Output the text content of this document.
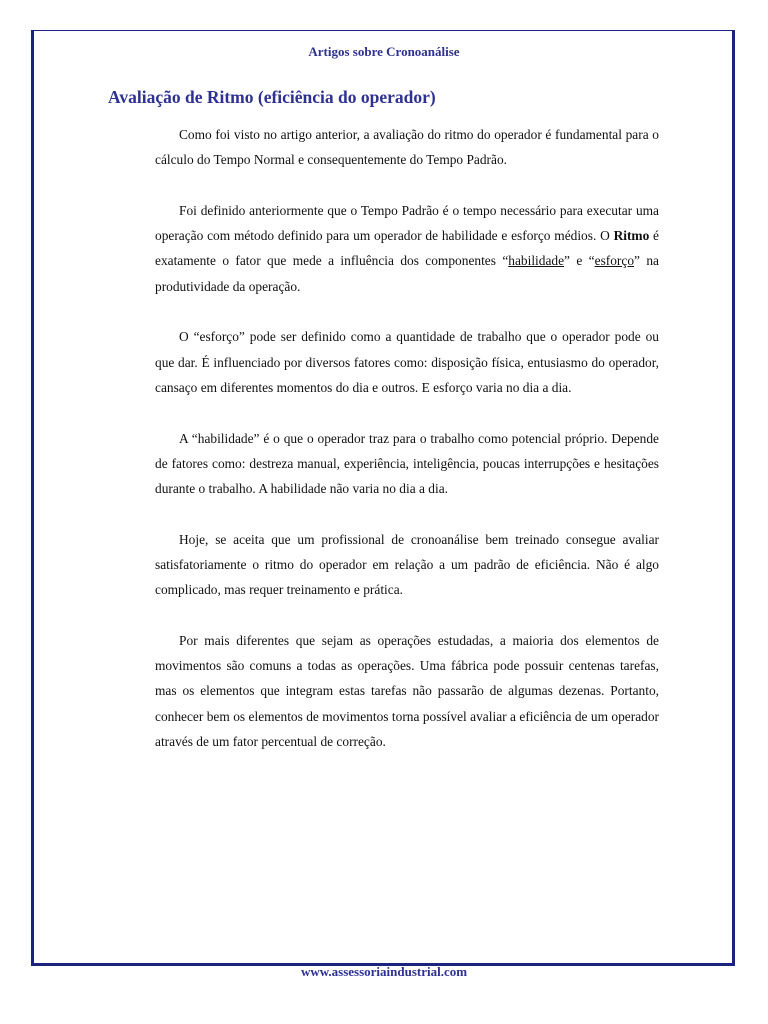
Artigos sobre Cronoanálise
Avaliação de Ritmo (eficiência do operador)

Como foi visto no artigo anterior, a avaliação do ritmo do operador é fundamental para o cálculo do Tempo Normal e consequentemente do Tempo Padrão.

Foi definido anteriormente que o Tempo Padrão é o tempo necessário para executar uma operação com método definido para um operador de habilidade e esforço médios. O Ritmo é exatamente o fator que mede a influência dos componentes “habilidade” e “esforço” na produtividade da operação.

O “esforço” pode ser definido como a quantidade de trabalho que o operador pode ou que dar. É influenciado por diversos fatores como: disposição física, entusiasmo do operador, cansaço em diferentes momentos do dia e outros. E esforço varia no dia a dia.

A “habilidade” é o que o operador traz para o trabalho como potencial próprio. Depende de fatores como: destreza manual, experiência, inteligência, poucas interrupções e hesitações durante o trabalho. A habilidade não varia no dia a dia.

Hoje, se aceita que um profissional de cronoanálise bem treinado consegue avaliar satisfatoriamente o ritmo do operador em relação a um padrão de eficiência. Não é algo complicado, mas requer treinamento e prática.

Por mais diferentes que sejam as operações estudadas, a maioria dos elementos de movimentos são comuns a todas as operações. Uma fábrica pode possuir centenas tarefas, mas os elementos que integram estas tarefas não passarão de algumas dezenas. Portanto, conhecer bem os elementos de movimentos torna possível avaliar a eficiência de um operador através de um fator percentual de correção.

www.assessoriaindustrial.com
